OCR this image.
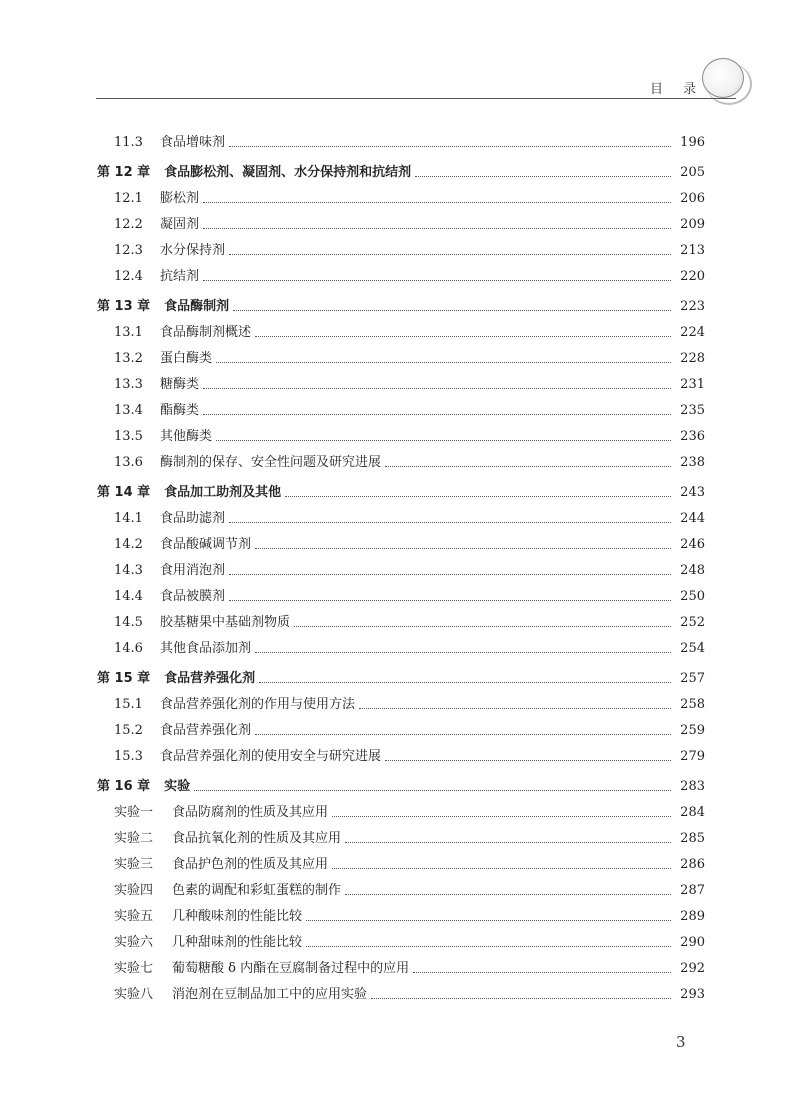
目 录
11.3	食品增味剂	196
第 12 章 食品膨松剂、凝固剂、水分保持剂和抗结剂	205
12.1	膨松剂	206
12.2	凝固剂	209
12.3	水分保持剂	213
12.4	抗结剂	220
第 13 章 食品酶制剂	223
13.1	食品酶制剂概述	224
13.2	蛋白酶类	228
13.3	糖酶类	231
13.4	酯酶类	235
13.5	其他酶类	236
13.6	酶制剂的保存、安全性问题及研究进展	238
第 14 章 食品加工助剂及其他	243
14.1	食品助滤剂	244
14.2	食品酸碱调节剂	246
14.3	食用消泡剂	248
14.4	食品被膜剂	250
14.5	胶基糖果中基础剂物质	252
14.6	其他食品添加剂	254
第 15 章 食品营养强化剂	257
15.1	食品营养强化剂的作用与使用方法	258
15.2	食品营养强化剂	259
15.3	食品营养强化剂的使用安全与研究进展	279
第 16 章 实验	283
实验一	食品防腐剂的性质及其应用	284
实验二	食品抗氧化剂的性质及其应用	285
实验三	食品护色剂的性质及其应用	286
实验四	色素的调配和彩虹蛋糕的制作	287
实验五	几种酸味剂的性能比较	289
实验六	几种甜味剂的性能比较	290
实验七	葡萄糖酸 δ 内酯在豆腐制备过程中的应用	292
实验八	消泡剂在豆制品加工中的应用实验	293
3
